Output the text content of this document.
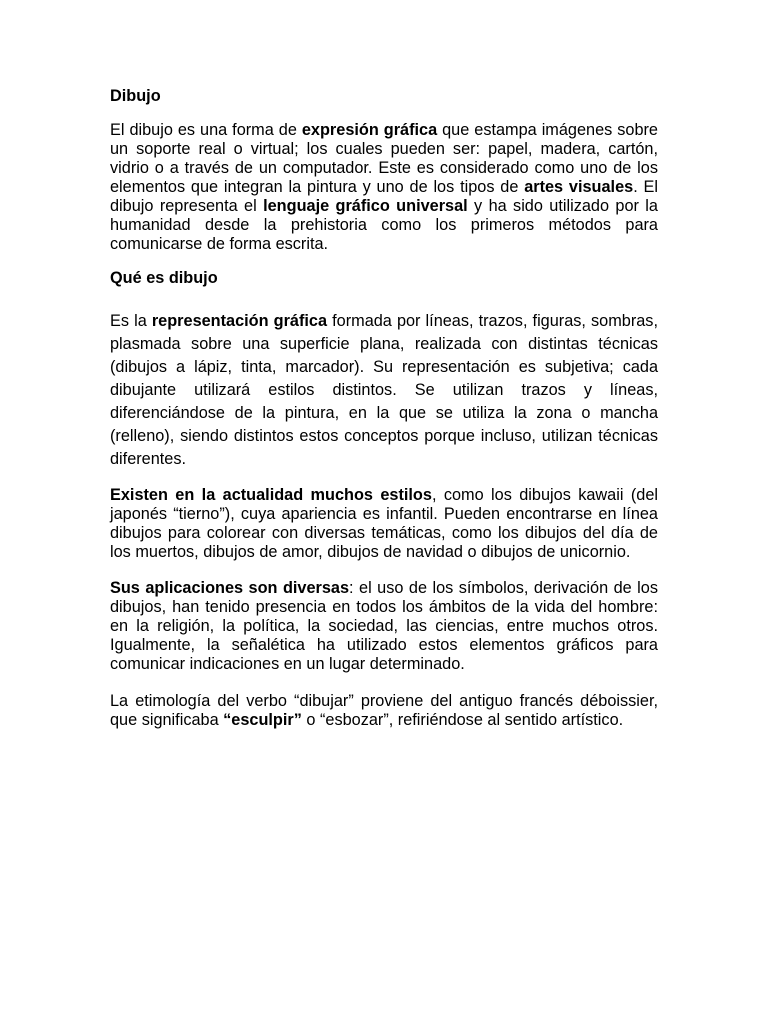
Dibujo

El dibujo es una forma de expresión gráfica que estampa imágenes sobre un soporte real o virtual; los cuales pueden ser: papel, madera, cartón, vidrio o a través de un computador. Este es considerado como uno de los elementos que integran la pintura y uno de los tipos de artes visuales. El dibujo representa el lenguaje gráfico universal y ha sido utilizado por la humanidad desde la prehistoria como los primeros métodos para comunicarse de forma escrita.

Qué es dibujo

Es la representación gráfica formada por líneas, trazos, figuras, sombras, plasmada sobre una superficie plana, realizada con distintas técnicas (dibujos a lápiz, tinta, marcador). Su representación es subjetiva; cada dibujante utilizará estilos distintos. Se utilizan trazos y líneas, diferenciándose de la pintura, en la que se utiliza la zona o mancha (relleno), siendo distintos estos conceptos porque incluso, utilizan técnicas diferentes.

Existen en la actualidad muchos estilos, como los dibujos kawaii (del japonés “tierno”), cuya apariencia es infantil. Pueden encontrarse en línea dibujos para colorear con diversas temáticas, como los dibujos del día de los muertos, dibujos de amor, dibujos de navidad o dibujos de unicornio.

Sus aplicaciones son diversas: el uso de los símbolos, derivación de los dibujos, han tenido presencia en todos los ámbitos de la vida del hombre: en la religión, la política, la sociedad, las ciencias, entre muchos otros. Igualmente, la señalética ha utilizado estos elementos gráficos para comunicar indicaciones en un lugar determinado.

La etimología del verbo “dibujar” proviene del antiguo francés déboissier, que significaba “esculpir” o “esbozar”, refiriéndose al sentido artístico.
